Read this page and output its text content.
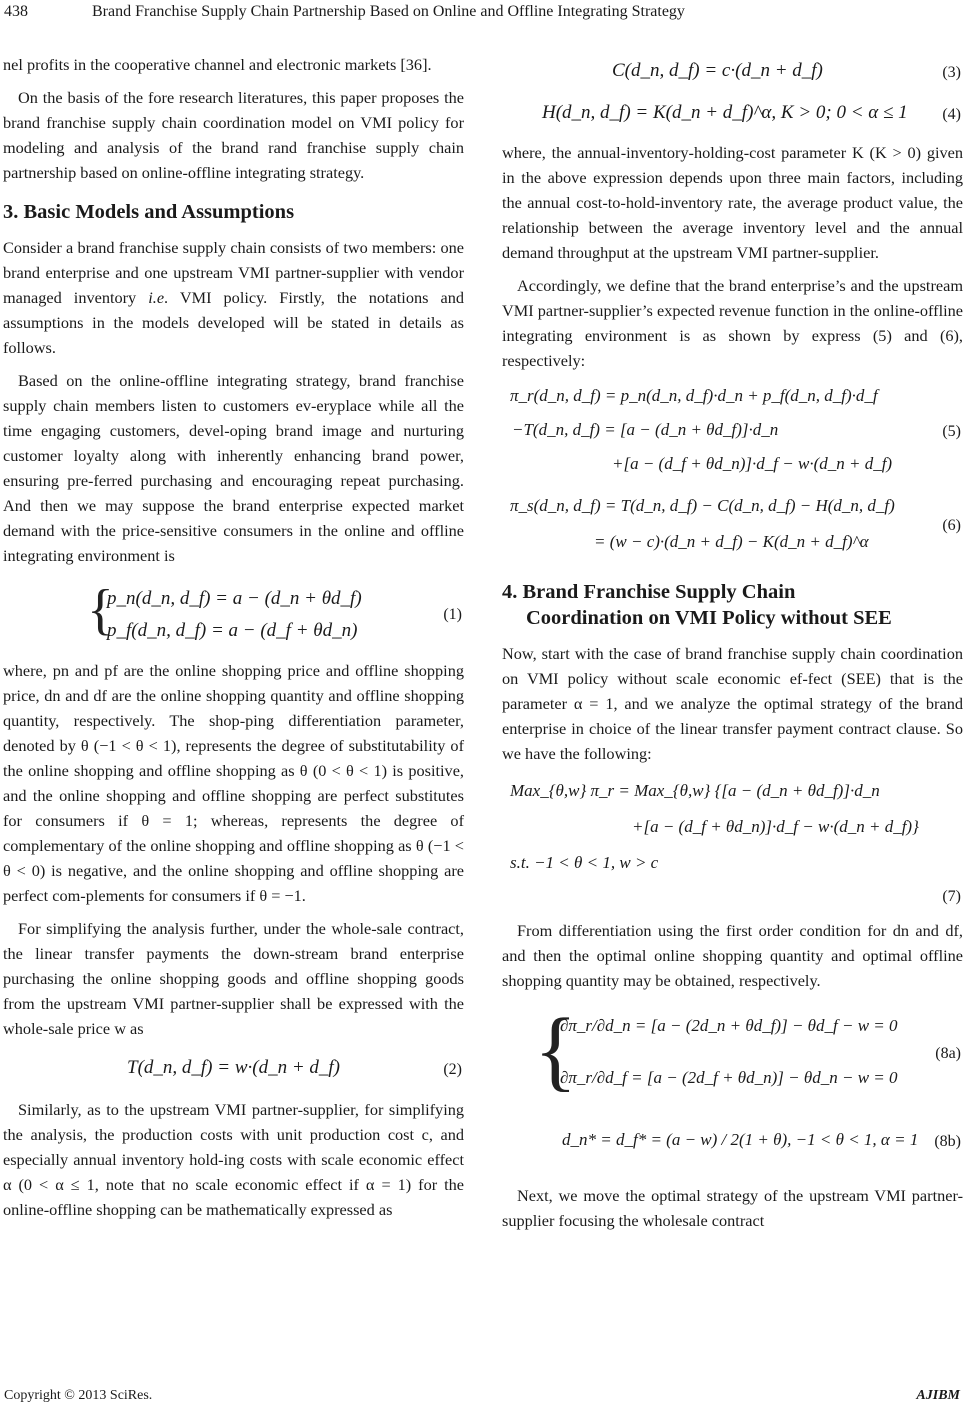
438	Brand Franchise Supply Chain Partnership Based on Online and Offline Integrating Strategy

nel profits in the cooperative channel and electronic markets [36].

On the basis of the fore research literatures, this paper proposes the brand franchise supply chain coordination model on VMI policy for modeling and analysis of the brand rand franchise supply chain partnership based on online-offline integrating strategy.

3. Basic Models and Assumptions

Consider a brand franchise supply chain consists of two members: one brand enterprise and one upstream VMI partner-supplier with vendor managed inventory i.e. VMI policy. Firstly, the notations and assumptions in the models developed will be stated in details as follows.

Based on the online-offline integrating strategy, brand franchise supply chain members listen to customers ev-eryplace while all the time engaging customers, devel-oping brand image and nurturing customer loyalty along with inherently enhancing brand power, ensuring pre-ferred purchasing and encouraging repeat purchasing. And then we may suppose the brand enterprise expected market demand with the price-sensitive consumers in the online and offline integrating environment is

{
p_n(d_n, d_f) = a − (d_n + θd_f)
p_f(d_n, d_f) = a − (d_f + θd_n)
(1)

where, pn and pf are the online shopping price and offline shopping price, dn and df are the online shopping quantity and offline shopping quantity, respectively. The shop-ping differentiation parameter, denoted by θ (−1 < θ < 1), represents the degree of substitutability of the online shopping and offline shopping as θ (0 < θ < 1) is positive, and the online shopping and offline shopping are perfect substitutes for consumers if θ = 1; whereas, represents the degree of complementary of the online shopping and offline shopping as θ (−1 < θ < 0) is negative, and the online shopping and offline shopping are perfect com-plements for consumers if θ = −1.

For simplifying the analysis further, under the whole-sale contract, the linear transfer payments the down-stream brand enterprise purchasing the online shopping goods and offline shopping goods from the upstream VMI partner-supplier shall be expressed with the whole-sale price w as

T(d_n, d_f) = w·(d_n + d_f)	(2)

Similarly, as to the upstream VMI partner-supplier, for simplifying the analysis, the production costs with unit production cost c, and especially annual inventory hold-ing costs with scale economic effect α (0 < α ≤ 1, note that no scale economic effect if α = 1) for the online-offline shopping can be mathematically expressed as

C(d_n, d_f) = c·(d_n + d_f)	(3)
H(d_n, d_f) = K(d_n + d_f)^α, K > 0; 0 < α ≤ 1 (4)

where, the annual-inventory-holding-cost parameter K (K > 0) given in the above expression depends upon three main factors, including the annual cost-to-hold-inventory rate, the average product value, the relationship between the average inventory level and the annual demand throughput at the upstream VMI partner-supplier.

Accordingly, we define that the brand enterprise’s and the upstream VMI partner-supplier’s expected revenue function in the online-offline integrating environment is as shown by express (5) and (6), respectively:

π_r(d_n, d_f) = p_n(d_n, d_f)·d_n + p_f(d_n, d_f)·d_f
−T(d_n, d_f) = [a − (d_n + θd_f)]·d_n
+[a − (d_f + θd_n)]·d_f − w·(d_n + d_f)
(5)
π_s(d_n, d_f) = T(d_n, d_f) − C(d_n, d_f) − H(d_n, d_f)
= (w − c)·(d_n + d_f) − K(d_n + d_f)^α
(6)
4. Brand Franchise Supply Chain
Coordination on VMI Policy without SEE

Now, start with the case of brand franchise supply chain coordination on VMI policy without scale economic ef-fect (SEE) that is the parameter α = 1, and we analyze the optimal strategy of the brand enterprise in choice of the linear transfer payment contract clause. So we have the following:

Max_{θ,w} π_r = Max_{θ,w} {[a − (d_n + θd_f)]·d_n
+[a − (d_f + θd_n)]·d_f − w·(d_n + d_f)}
s.t. −1 < θ < 1, w > c
(7)

From differentiation using the first order condition for dn and df, and then the optimal online shopping quantity and optimal offline shopping quantity may be obtained, respectively.

{
∂π_r/∂d_n = [a − (2d_n + θd_f)] − θd_f − w = 0
∂π_r/∂d_f = [a − (2d_f + θd_n)] − θd_n − w = 0
(8a)
d_n* = d_f* = (a − w) / 2(1 + θ), −1 < θ < 1, α = 1 (8b)

Next, we move the optimal strategy of the upstream VMI partner-supplier focusing the wholesale contract

Copyright © 2013 SciRes.	AJIBM
